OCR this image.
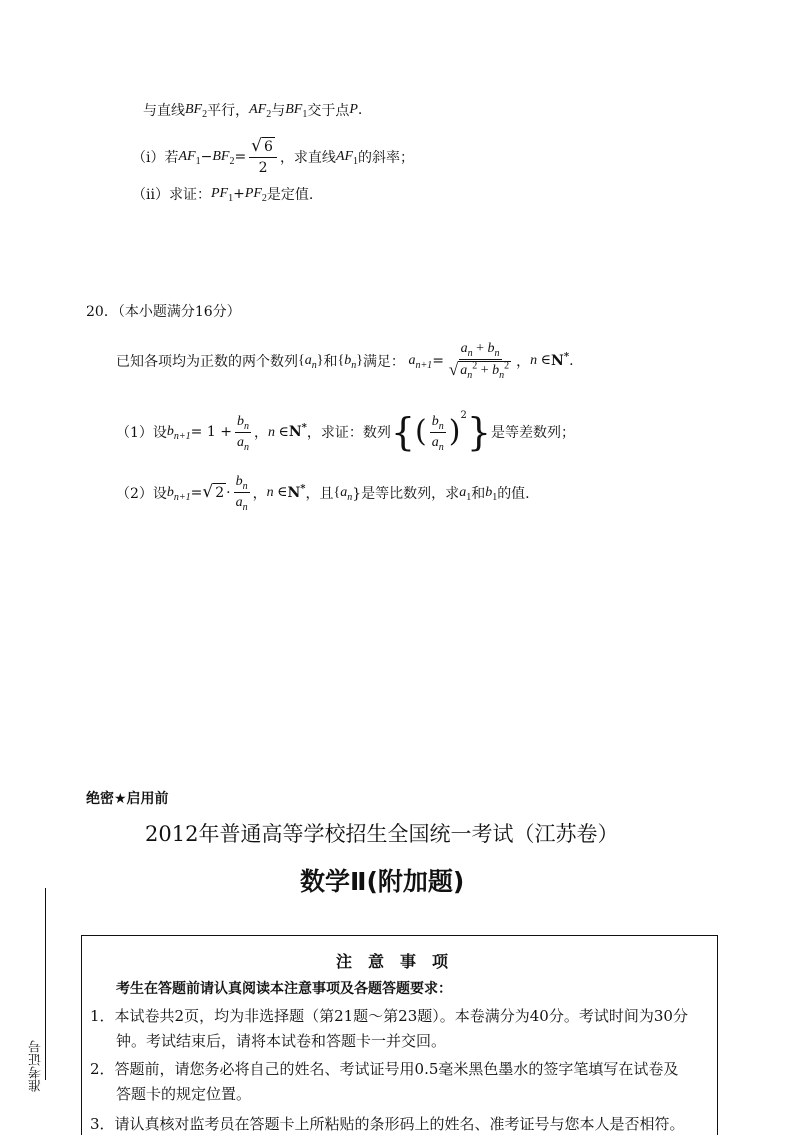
与直线 $BF_2$ 平行， $AF_2$ 与 $BF_1$ 交于点 P .
（i）若 $AF_1 - BF_2 = \frac{√ 6}{2}$ ，求直线 $AF_1$ 的斜率；
（ii）求证： $PF_1 + PF_2$ 是定值.
20．（本小题满分16分）
已知各项均为正数的两个数列 $\{a_n\}$ 和 $\{b_n\}$ 满足： $a_{n+1} = \frac{a_n + b_n}{√ a_n^2 + b_n^2}$ ， n ∈ N* .
（1）设 $b_{n+1} = 1 + \frac{b_n}{a_n}$ ， n ∈ N* ，求证：数列 { ( $\frac{b_n}{a_n}$ ) 2 } 是等差数列；
（2）设 $b_{n+1}$ = √ $2 \cdot \frac{b_n}{a_n}$ ， n ∈ N* ，且 {$a_n$ }是等比数列，求 $a_1$ 和 $b_1$ 的值.
绝密★启用前
2012年普通高等学校招生全国统一考试（江苏卷）
数学Ⅱ(附加题)
准考证号
注　意　事　项
考生在答题前请认真阅读本注意事项及各题答题要求：
1．本试卷共2页，均为非选择题（第21题～第23题）。本卷满分为40分。考试时间为30分
钟。考试结束后，请将本试卷和答题卡一并交回。
2．答题前，请您务必将自己的姓名、考试证号用0.5毫米黑色墨水的签字笔填写在试卷及
答题卡的规定位置。
3．请认真核对监考员在答题卡上所粘贴的条形码上的姓名、准考证号与您本人是否相符。
